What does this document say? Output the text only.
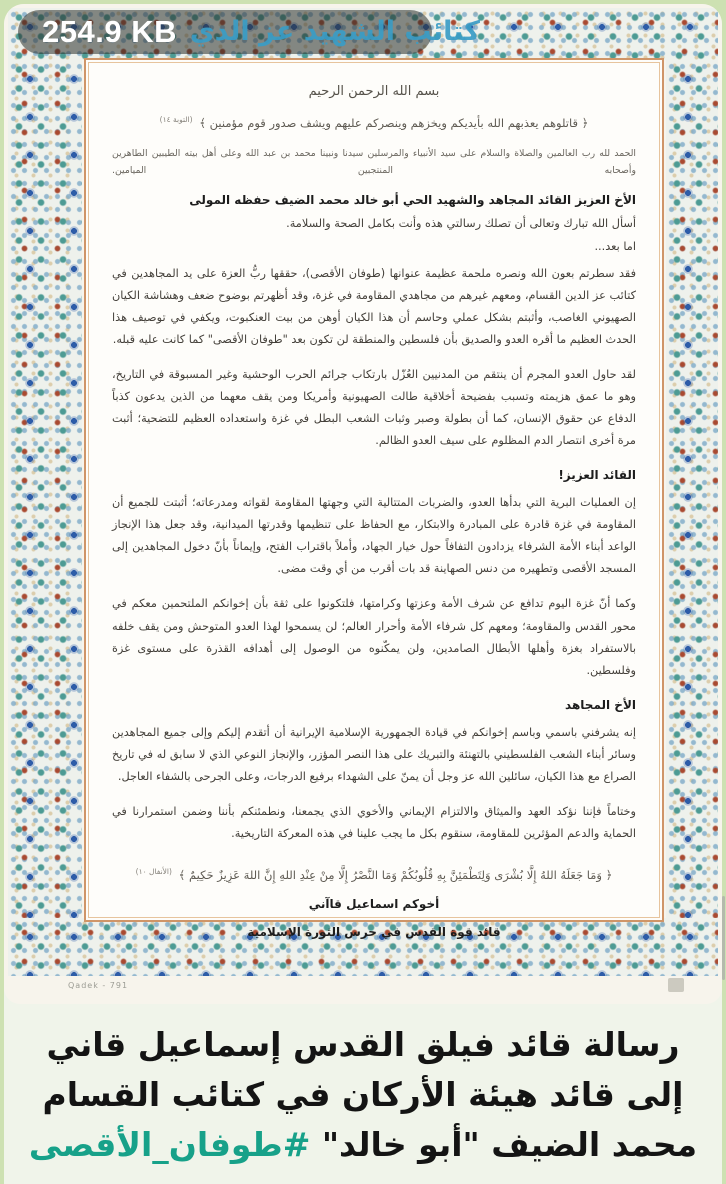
بسم الله الرحمن الرحيم
﴿ قاتلوهم يعذبهم الله بأيديكم ويخزهم وينصركم عليهم ويشف صدور قوم مؤمنين ﴾ $^{(التوبة ١٤)}$
الحمد لله رب العالمين والصلاة والسلام على سيد الأنبياء والمرسلين سيدنا ونبينا محمد بن عبد الله وعلى أهل بيته الطيبين الطاهرين وأصحابه المنتجبين الميامين.
الأخ العزيز القائد المجاهد والشهيد الحي أبو خالد محمد الضيف حفظه المولى
أسأل الله تبارك وتعالى أن تصلك رسالتي هذه وأنت بكامل الصحة والسلامة.
اما بعد...
فقد سطرتم بعون الله ونصره ملحمة عظيمة عنوانها (طوفان الأقصى)، حققها ربُّ العزة على يد المجاهدين في كتائب عز الدين القسام، ومعهم غيرهم من مجاهدي المقاومة في غزة، وقد أظهرتم بوضوح ضعف وهشاشة الكيان الصهيوني الغاصب، وأثبتم بشكل عملي وحاسم أن هذا الكيان أوهن من بيت العنكبوت، ويكفي في توصيف هذا الحدث العظيم ما أقره العدو والصديق بأن فلسطين والمنطقة لن تكون بعد "طوفان الأقصى" كما كانت عليه قبله.
لقد حاول العدو المجرم أن ينتقم من المدنيين العُزّل بارتكاب جرائم الحرب الوحشية وغير المسبوقة في التاريخ، وهو ما عمق هزيمته وتسبب بفضيحة أخلاقية طالت الصهيونية وأمريكا ومن يقف معهما من الذين يدعون كذباً الدفاع عن حقوق الإنسان، كما أن بطولة وصبر وثبات الشعب البطل في غزة واستعداده العظيم للتضحية؛ أثبت مرة أخرى انتصار الدم المظلوم على سيف العدو الظالم.
القائد العزيز!
إن العمليات البرية التي بدأها العدو، والضربات المتتالية التي وجهتها المقاومة لقواته ومدرعاته؛ أثبتت للجميع أن المقاومة في غزة قادرة على المبادرة والابتكار، مع الحفاظ على تنظيمها وقدرتها الميدانية، وقد جعل هذا الإنجاز الواعد أبناء الأمة الشرفاء يزدادون التفافاً حول خيار الجهاد، وأملاً باقتراب الفتح، وإيماناً بأنّ دخول المجاهدين إلى المسجد الأقصى وتطهيره من دنس الصهاينة قد بات أقرب من أي وقت مضى.
وكما أنّ غزة اليوم تدافع عن شرف الأمة وعزتها وكرامتها، فلتكونوا على ثقة بأن إخوانكم الملتحمين معكم في محور القدس والمقاومة؛ ومعهم كل شرفاء الأمة وأحرار العالم؛ لن يسمحوا لهذا العدو المتوحش ومن يقف خلفه بالاستفراد بغزة وأهلها الأبطال الصامدين، ولن يمكّنوه من الوصول إلى أهدافه القذرة على مستوى غزة وفلسطين.
الأخ المجاهد
إنه يشرفني باسمي وباسم إخوانكم في قيادة الجمهورية الإسلامية الإيرانية أن أتقدم إليكم وإلى جميع المجاهدين وسائر أبناء الشعب الفلسطيني بالتهنئة والتبريك على هذا النصر المؤزر، والإنجاز النوعي الذي لا سابق له في تاريخ الصراع مع هذا الكيان، سائلين الله عز وجل أن يمنّ على الشهداء برفيع الدرجات، وعلى الجرحى بالشفاء العاجل.
وختاماً فإننا نؤكد العهد والميثاق والالتزام الإيماني والأخوي الذي يجمعنا، ونطمئنكم بأننا وضمن استمرارنا في الحماية والدعم المؤثرين للمقاومة، سنقوم بكل ما يجب علينا في هذه المعركة التاريخية.
﴿ وَمَا جَعَلَهُ اللهُ إِلَّا بُشْرَى وَلِتَطْمَئِنَّ بِهِ قُلُوبُكُمْ وَمَا النَّصْرُ إِلَّا مِنْ عِنْدِ اللهِ إِنَّ اللهَ عَزِيزٌ حَكِيمٌ ﴾ $^{(الأنفال ١٠)}$
أخوكم اسماعيل قاآني
قائد قوة القدس في حرس الثورة الإسلامية
Qadek - 791
254.9 KB كتائب الشهيد عز الدي
رسالة قائد فيلق القدس إسماعيل قاني إلى قائد هيئة الأركان في كتائب القسام محمد الضيف "أبو خالد" #طوفان_الأقصى
